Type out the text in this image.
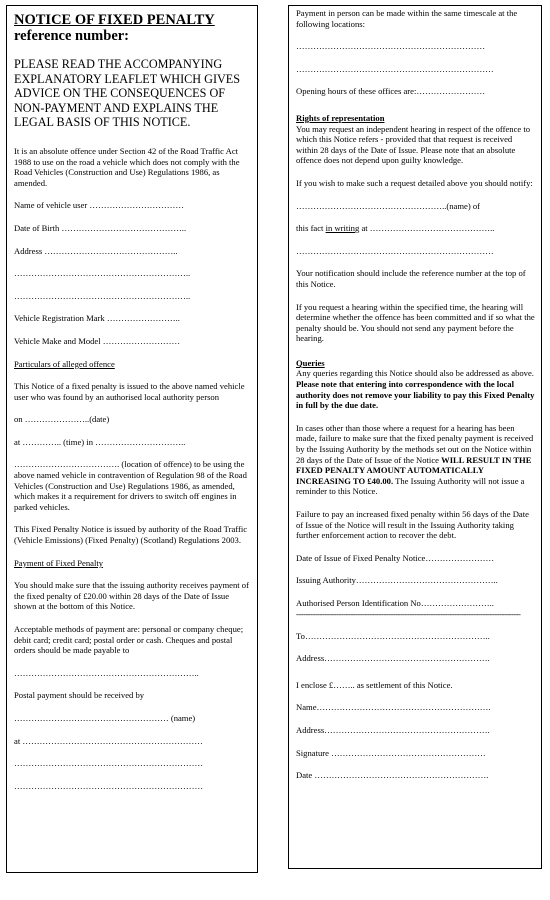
NOTICE OF FIXED PENALTY

reference number:

PLEASE READ THE ACCOMPANYING EXPLANATORY LEAFLET WHICH GIVES ADVICE ON THE CONSEQUENCES OF NON-PAYMENT AND EXPLAINS THE LEGAL BASIS OF THIS NOTICE.

It is an absolute offence under Section 42 of the Road Traffic Act 1988 to use on the road a vehicle which does not comply with the Road Vehicles (Construction and Use) Regulations 1986, as amended.

Name of vehicle user ……………………………

Date of Birth ……………………………………..

Address ………………………………………..

……………………………………………………..

……………………………………………………..

Vehicle Registration Mark ……………………..

Vehicle Make and Model ………………………

Particulars of alleged offence

This Notice of a fixed penalty is issued to the above named vehicle user who was found by an authorised local authority person

on …………………..(date)

at ………….. (time) in …………………………..

………………………………. (location of offence) to be using the above named vehicle in contravention of Regulation 98 of the Road Vehicles (Construction and Use) Regulations 1986, as amended, which makes it a requirement for drivers to switch off engines in parked vehicles.

This Fixed Penalty Notice is issued by authority of the Road Traffic (Vehicle Emissions) (Fixed Penalty) (Scotland) Regulations 2003.

Payment of Fixed Penalty

You should make sure that the issuing authority receives payment of the fixed penalty of £20.00 within 28 days of the Date of Issue shown at the bottom of this Notice.

Acceptable methods of payment are: personal or company cheque; debit card; credit card; postal order or cash. Cheques and postal orders should be made payable to

………………………………………………………..

Postal payment should be received by

……………………………………………… (name)

at ………………………………………………………

…………………………………………………………

…………………………………………………………

Payment in person can be made within the same timescale at the following locations:

…………………………………………………………

……………………………………………………………

Opening hours of these offices are:……………………

Rights of representation

You may request an independent hearing in respect of the offence to which this Notice refers - provided that that request is received within 28 days of the Date of Issue. Please note that an absolute offence does not depend upon guilty knowledge.

If you wish to make such a request detailed above you should notify:

……………………………………………..(name) of

this fact in writing at ……………………………………..

……………………………………………………………

Your notification should include the reference number at the top of this Notice.

If you request a hearing within the specified time, the hearing will determine whether the offence has been committed and if so what the penalty should be. You should not send any payment before the hearing.

Queries

Any queries regarding this Notice should also be addressed as above. Please note that entering into correspondence with the local authority does not remove your liability to pay this Fixed Penalty in full by the due date.

In cases other than those where a request for a hearing has been made, failure to make sure that the fixed penalty payment is received by the Issuing Authority by the methods set out on the Notice within 28 days of the Date of Issue of the Notice WILL RESULT IN THE FIXED PENALTY AMOUNT AUTOMATICALLY INCREASING TO £40.00. The Issuing Authority will not issue a reminder to this Notice.

Failure to pay an increased fixed penalty within 56 days of the Date of Issue of the Notice will result in the Issuing Authority taking further enforcement action to recover the debt.

Date of Issue of Fixed Penalty Notice……………………

Issuing Authority…………………………………………..

Authorised Person Identification No……………………..

-----------------------------------------------------------------------------------------------

To………………………………………………………..

Address………………………………………………….

I enclose £…….. as settlement of this Notice.

Name…………………………………………………….

Address………………………………………………….

Signature ………………………………………………

Date …………………………………………………….
